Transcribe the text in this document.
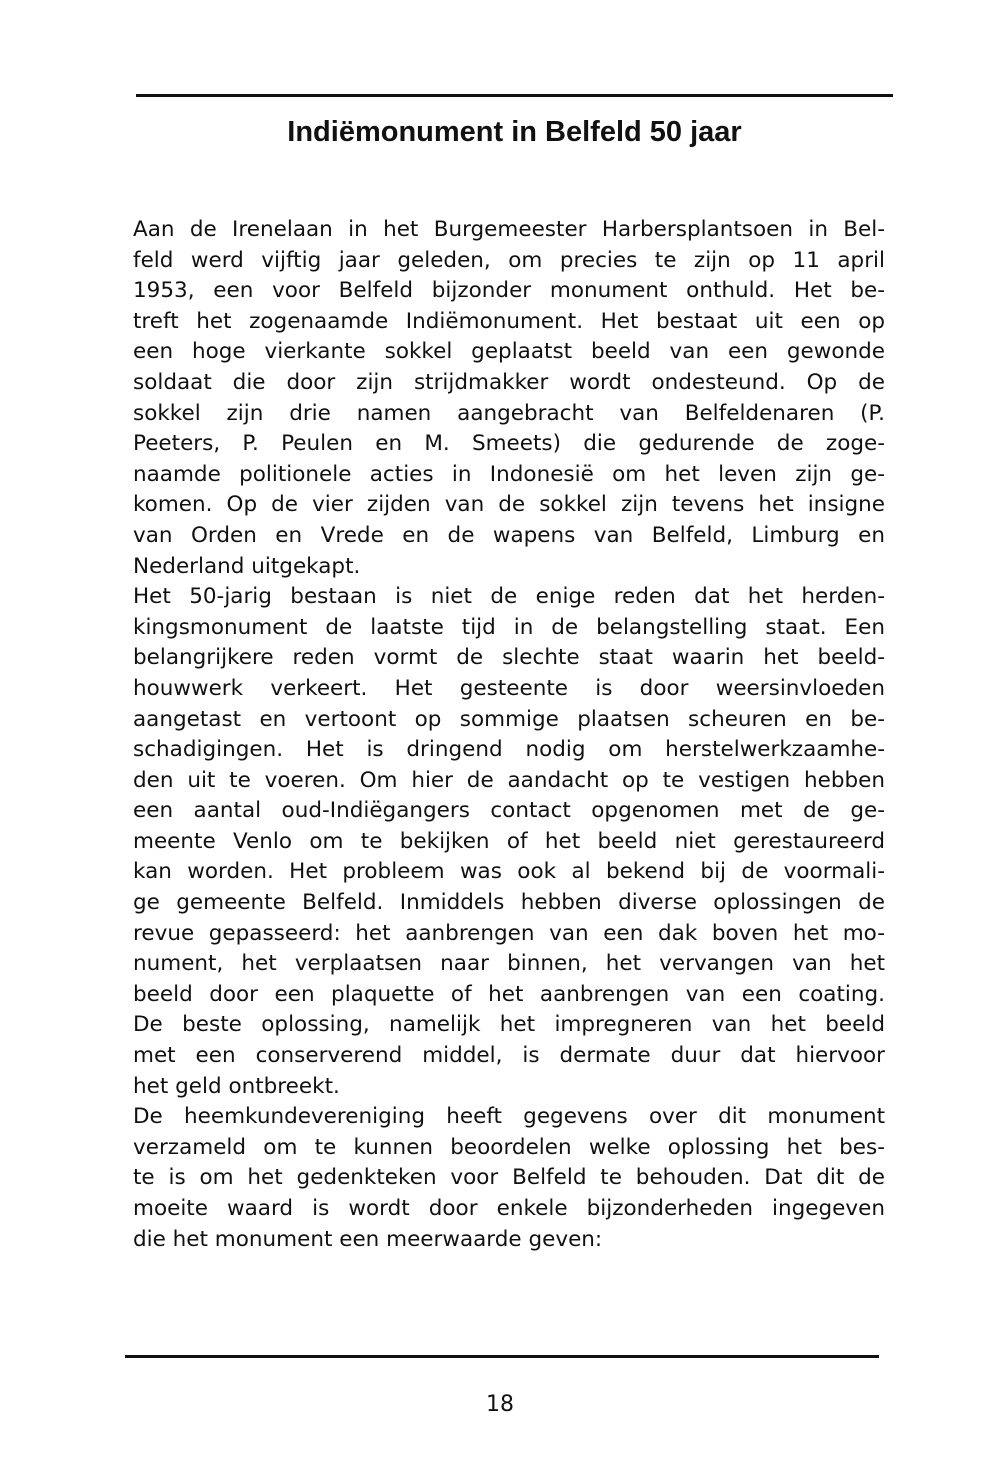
Indiëmonument in Belfeld 50 jaar
Aan de Irenelaan in het Burgemeester Harbersplantsoen in Bel-
feld werd vijftig jaar geleden, om precies te zijn op 11 april
1953, een voor Belfeld bijzonder monument onthuld. Het be-
treft het zogenaamde Indiëmonument. Het bestaat uit een op
een hoge vierkante sokkel geplaatst beeld van een gewonde
soldaat die door zijn strijdmakker wordt ondesteund. Op de
sokkel zijn drie namen aangebracht van Belfeldenaren (P.
Peeters, P. Peulen en M. Smeets) die gedurende de zoge-
naamde politionele acties in Indonesië om het leven zijn ge-
komen. Op de vier zijden van de sokkel zijn tevens het insigne
van Orden en Vrede en de wapens van Belfeld, Limburg en
Nederland uitgekapt.
Het 50-jarig bestaan is niet de enige reden dat het herden-
kingsmonument de laatste tijd in de belangstelling staat. Een
belangrijkere reden vormt de slechte staat waarin het beeld-
houwwerk verkeert. Het gesteente is door weersinvloeden
aangetast en vertoont op sommige plaatsen scheuren en be-
schadigingen. Het is dringend nodig om herstelwerkzaamhe-
den uit te voeren. Om hier de aandacht op te vestigen hebben
een aantal oud-Indiëgangers contact opgenomen met de ge-
meente Venlo om te bekijken of het beeld niet gerestaureerd
kan worden. Het probleem was ook al bekend bij de voormali-
ge gemeente Belfeld. Inmiddels hebben diverse oplossingen de
revue gepasseerd: het aanbrengen van een dak boven het mo-
nument, het verplaatsen naar binnen, het vervangen van het
beeld door een plaquette of het aanbrengen van een coating.
De beste oplossing, namelijk het impregneren van het beeld
met een conserverend middel, is dermate duur dat hiervoor
het geld ontbreekt.
De heemkundevereniging heeft gegevens over dit monument
verzameld om te kunnen beoordelen welke oplossing het bes-
te is om het gedenkteken voor Belfeld te behouden. Dat dit de
moeite waard is wordt door enkele bijzonderheden ingegeven
die het monument een meerwaarde geven:
18
